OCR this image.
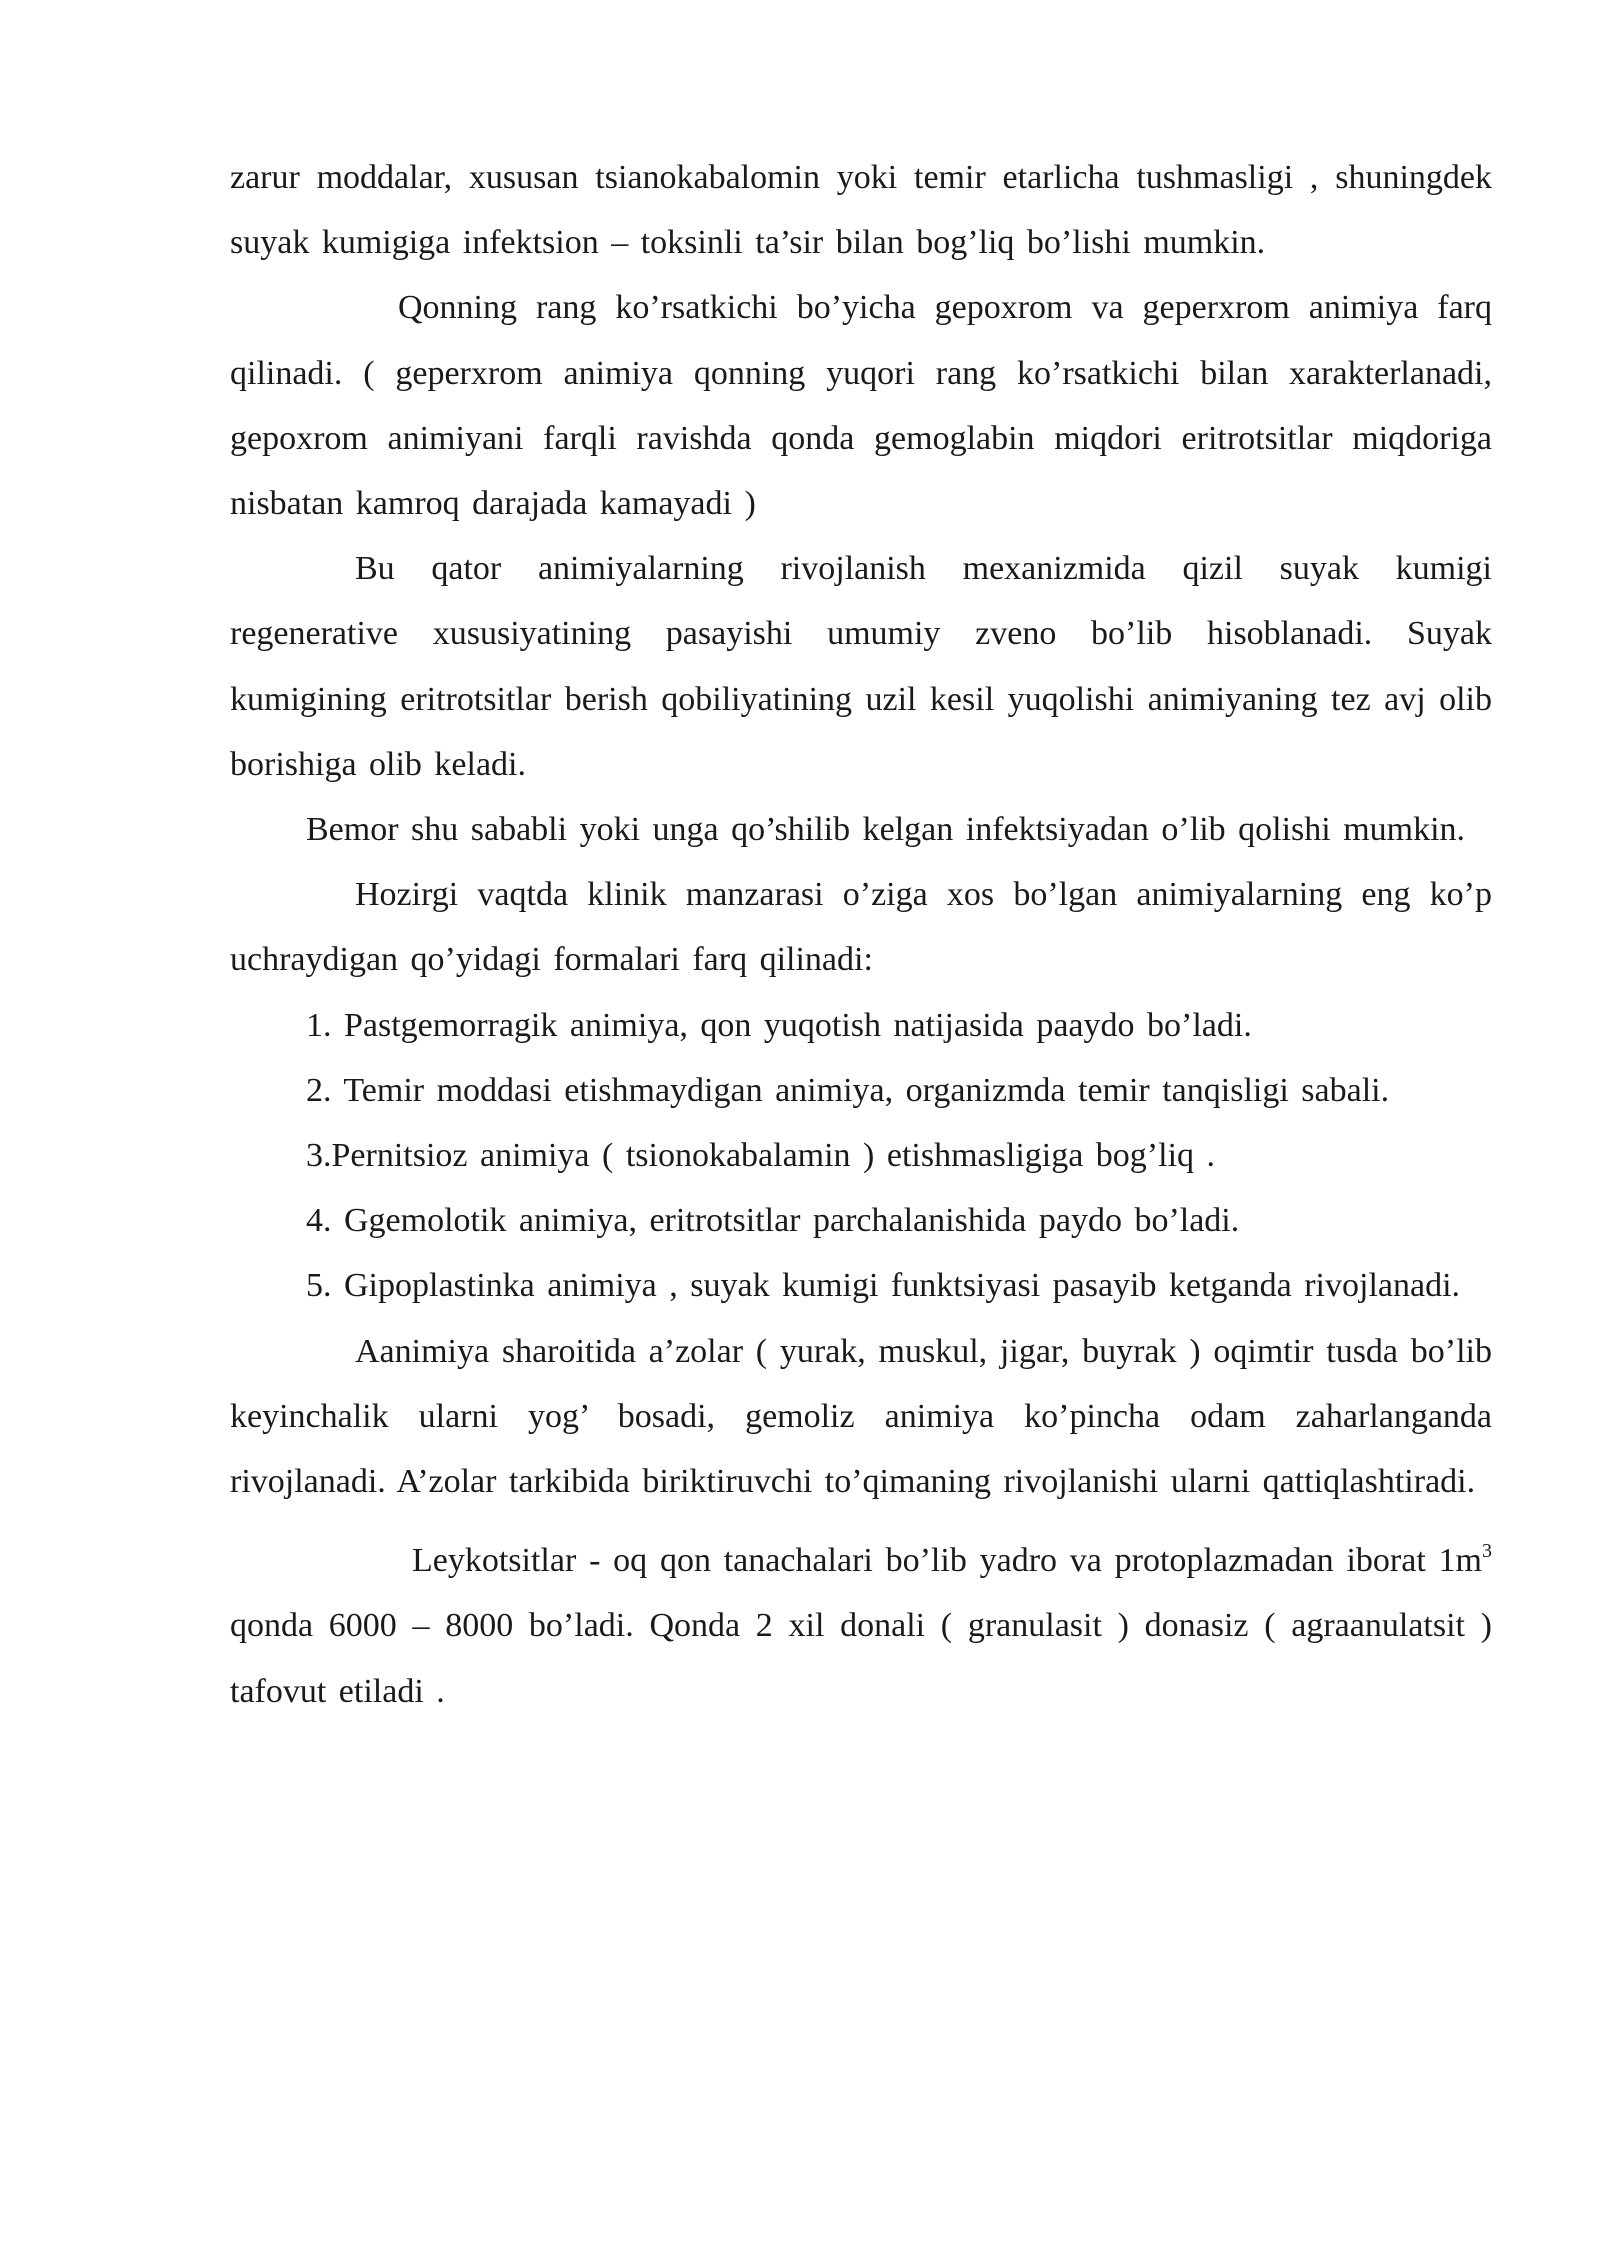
zarur moddalar, xususan tsianokabalomin yoki temir etarlicha tushmasligi , shuningdek suyak kumigiga infektsion – toksinli ta’sir bilan bog’liq bo’lishi mumkin.

Qonning rang ko’rsatkichi bo’yicha gepoxrom va geperxrom animiya farq qilinadi. ( geperxrom animiya qonning yuqori rang ko’rsatkichi bilan xarakterlanadi, gepoxrom animiyani farqli ravishda qonda gemoglabin miqdori eritrotsitlar miqdoriga nisbatan kamroq darajada kamayadi )

Bu qator animiyalarning rivojlanish mexanizmida qizil suyak kumigi regenerative xususiyatining pasayishi umumiy zveno bo’lib hisoblanadi. Suyak kumigining eritrotsitlar berish qobiliyatining uzil kesil yuqolishi animiyaning tez avj olib borishiga olib keladi.

Bemor shu sababli yoki unga qo’shilib kelgan infektsiyadan o’lib qolishi mumkin.

Hozirgi vaqtda klinik manzarasi o’ziga xos bo’lgan animiyalarning eng ko’p uchraydigan qo’yidagi formalari farq qilinadi:

1. Pastgemorragik animiya, qon yuqotish natijasida paaydo bo’ladi.

2. Temir moddasi etishmaydigan animiya, organizmda temir tanqisligi sabali.

3.Pernitsioz animiya ( tsionokabalamin ) etishmasligiga bog’liq .

4. Ggemolotik animiya, eritrotsitlar parchalanishida paydo bo’ladi.

5. Gipoplastinka animiya , suyak kumigi funktsiyasi pasayib ketganda rivojlanadi.

Aanimiya sharoitida a’zolar ( yurak, muskul, jigar, buyrak ) oqimtir tusda bo’lib keyinchalik ularni yog’ bosadi, gemoliz animiya ko’pincha odam zaharlanganda rivojlanadi. A’zolar tarkibida biriktiruvchi to’qimaning rivojlanishi ularni qattiqlashtiradi.

Leykotsitlar - oq qon tanachalari bo’lib yadro va protoplazmadan iborat $1m^3$ qonda 6000 – 8000 bo’ladi. Qonda 2 xil donali ( granulasit ) donasiz ( agraanulatsit ) tafovut etiladi .
